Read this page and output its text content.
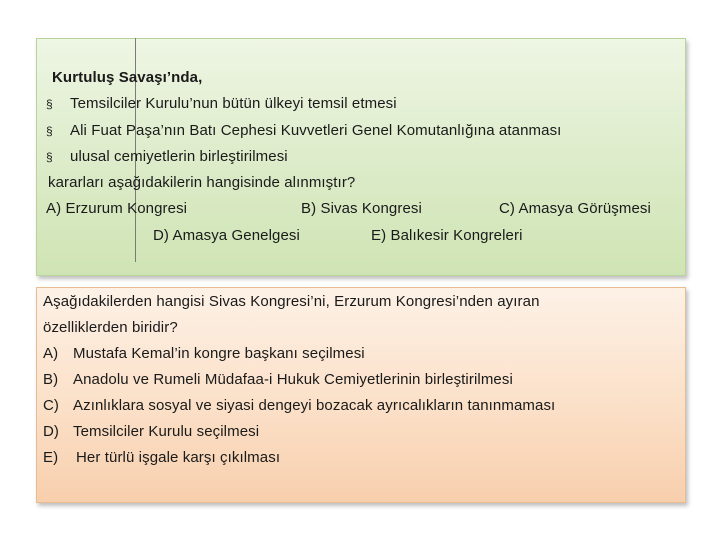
Kurtuluş Savaşı’nda,
§ Temsilciler Kurulu’nun bütün ülkeyi temsil etmesi
§ Ali Fuat Paşa’nın Batı Cephesi Kuvvetleri Genel Komutanlığına atanması
§ ulusal cemiyetlerin birleştirilmesi
kararları aşağıdakilerin hangisinde alınmıştır?
A) Erzurum Kongresi	B) Sivas Kongresi	C) Amasya Görüşmesi
D) Amasya Genelgesi	E) Balıkesir Kongreleri
Aşağıdakilerden hangisi Sivas Kongresi’ni, Erzurum Kongresi’nden ayıran
özelliklerden biridir?
A) Mustafa Kemal’in kongre başkanı seçilmesi
B) Anadolu ve Rumeli Müdafaa-i Hukuk Cemiyetlerinin birleştirilmesi
C) Azınlıklara sosyal ve siyasi dengeyi bozacak ayrıcalıkların tanınmaması
D) Temsilciler Kurulu seçilmesi
E) Her türlü işgale karşı çıkılması
